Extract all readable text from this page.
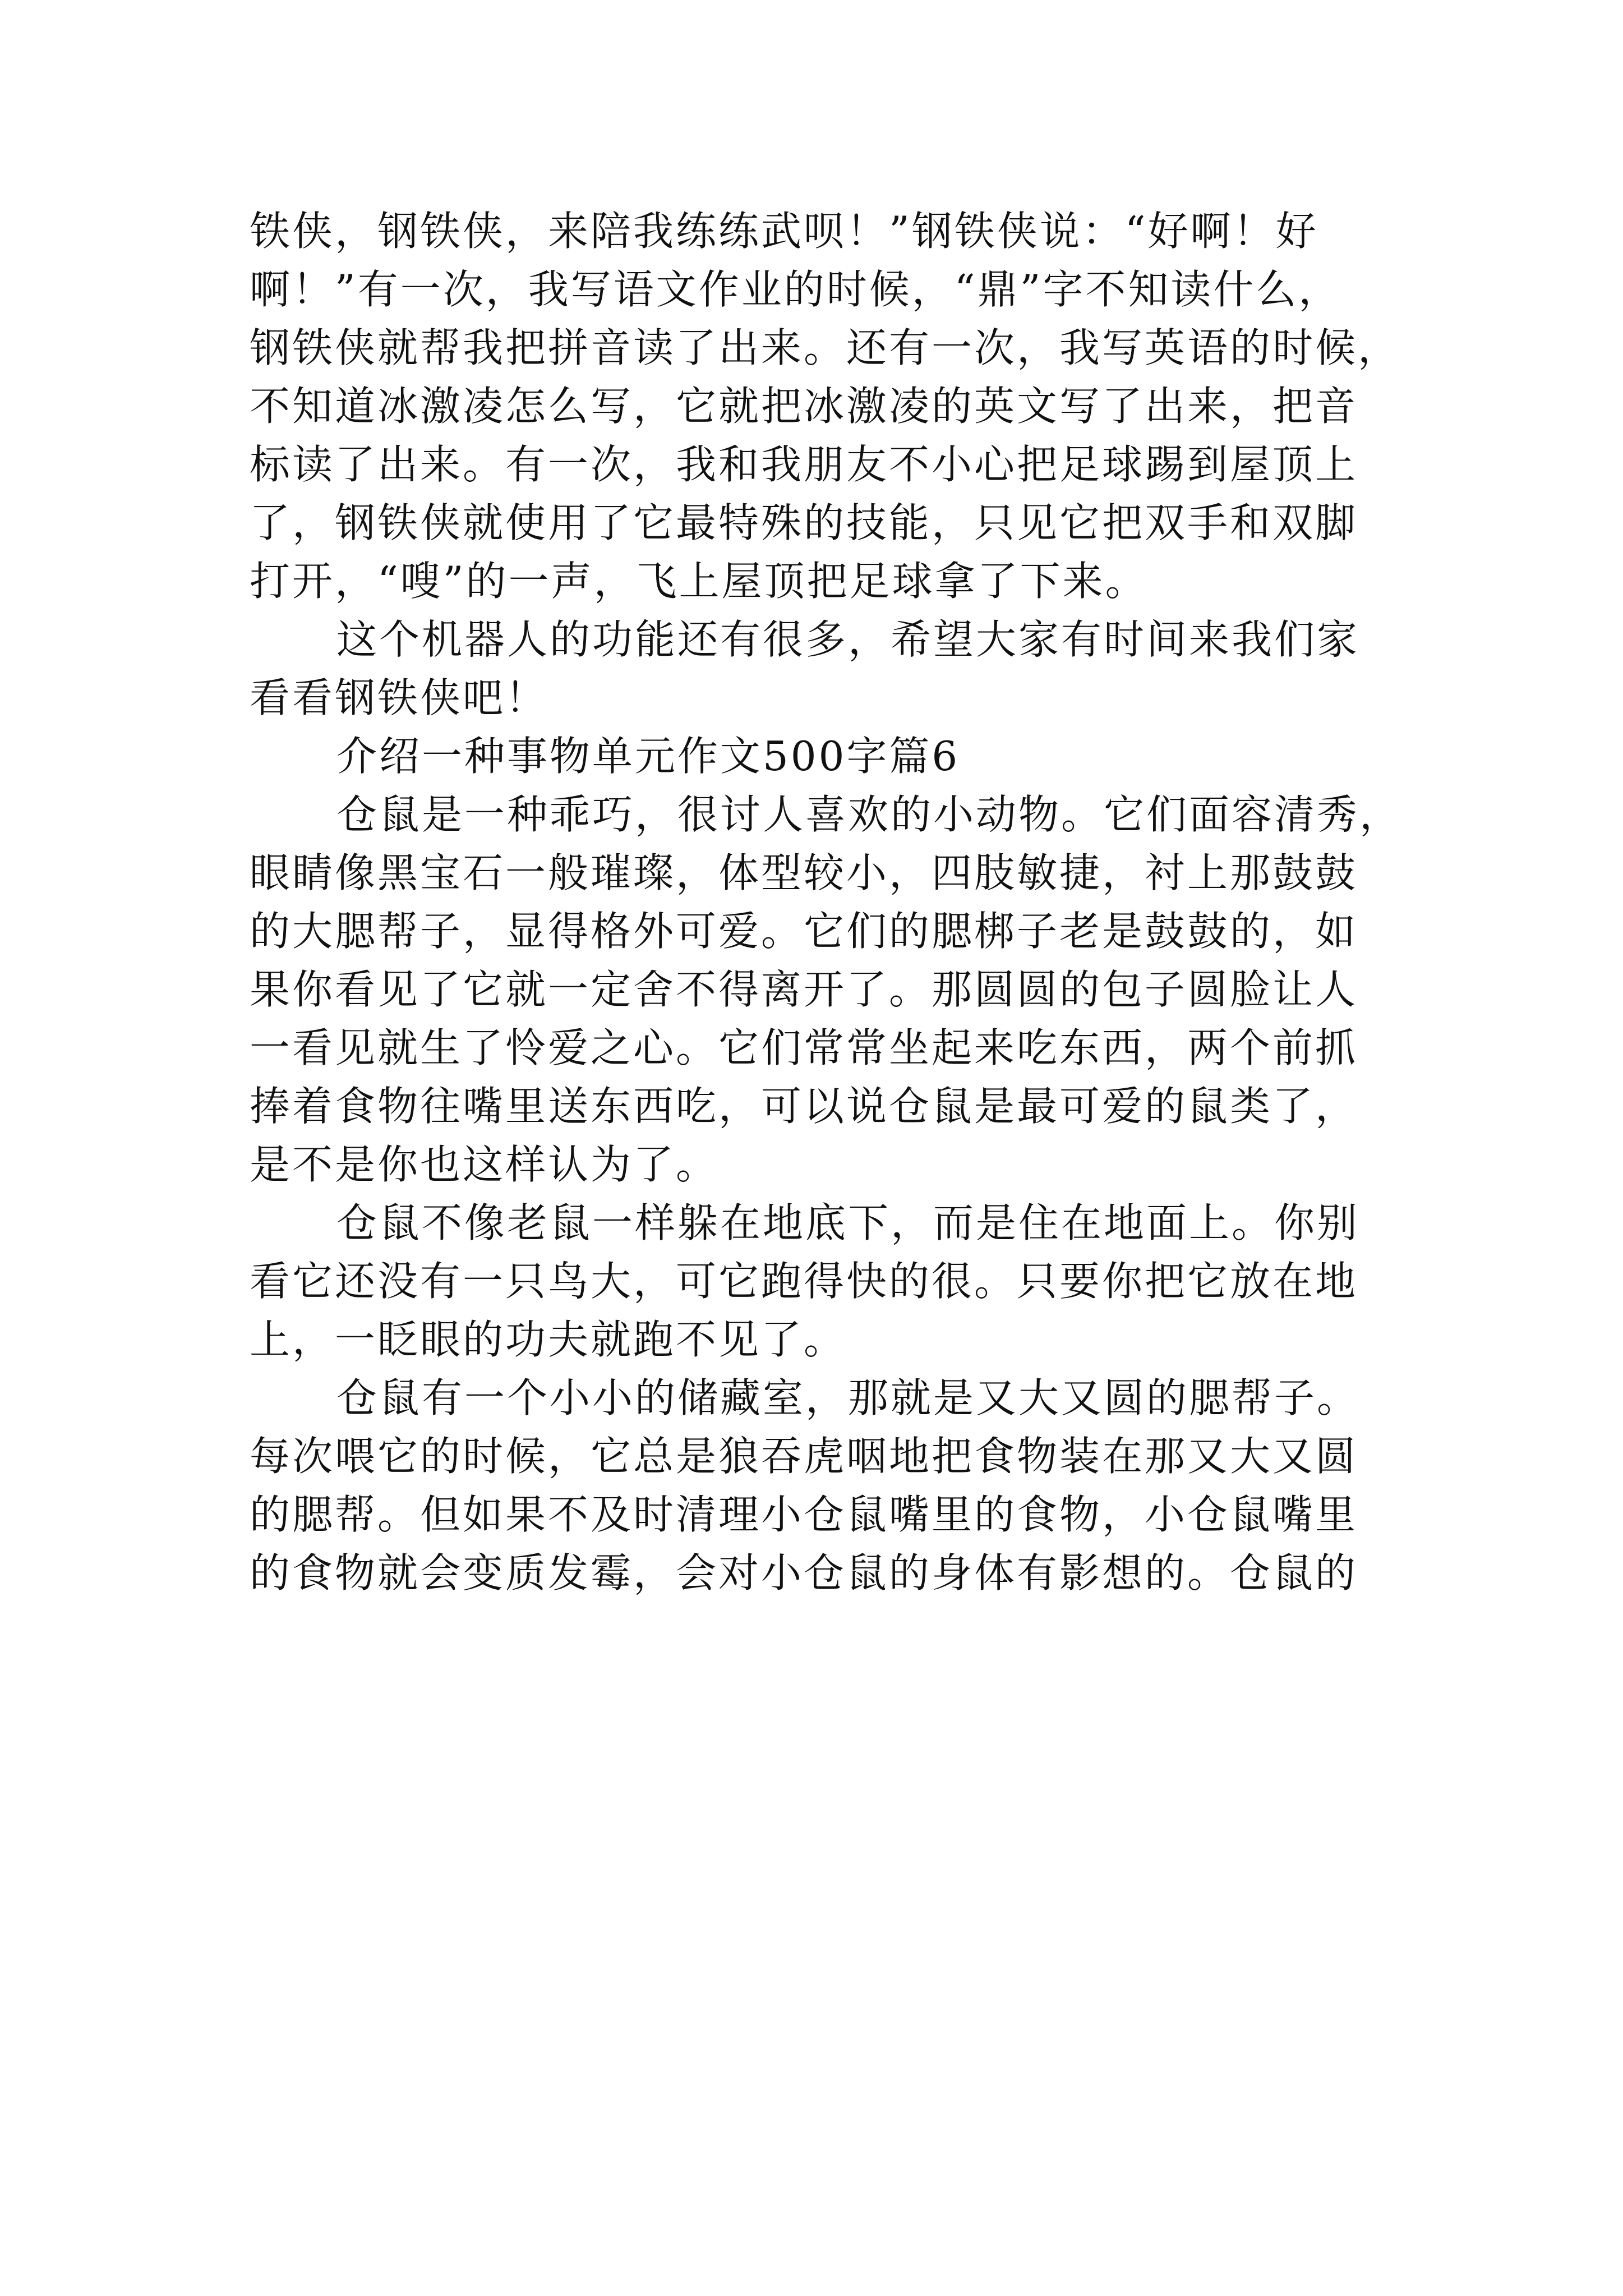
铁侠，钢铁侠，来陪我练练武呗！”钢铁侠说：“好啊！好
啊！”有一次，我写语文作业的时候，“鼎”字不知读什么，
钢铁侠就帮我把拼音读了出来。还有一次，我写英语的时候，
不知道冰激凌怎么写，它就把冰激凌的英文写了出来，把音
标读了出来。有一次，我和我朋友不小心把足球踢到屋顶上
了，钢铁侠就使用了它最特殊的技能，只见它把双手和双脚
打开，“嗖”的一声，飞上屋顶把足球拿了下来。
这个机器人的功能还有很多，希望大家有时间来我们家
看看钢铁侠吧！
介绍一种事物单元作文500字篇6
仓鼠是一种乖巧，很讨人喜欢的小动物。它们面容清秀，
眼睛像黑宝石一般璀璨，体型较小，四肢敏捷，衬上那鼓鼓
的大腮帮子，显得格外可爱。它们的腮梆子老是鼓鼓的，如
果你看见了它就一定舍不得离开了。那圆圆的包子圆脸让人
一看见就生了怜爱之心。它们常常坐起来吃东西，两个前抓
捧着食物往嘴里送东西吃，可以说仓鼠是最可爱的鼠类了，
是不是你也这样认为了。
仓鼠不像老鼠一样躲在地底下，而是住在地面上。你别
看它还没有一只鸟大，可它跑得快的很。只要你把它放在地
上，一眨眼的功夫就跑不见了。
仓鼠有一个小小的储藏室，那就是又大又圆的腮帮子。
每次喂它的时候，它总是狼吞虎咽地把食物装在那又大又圆
的腮帮。但如果不及时清理小仓鼠嘴里的食物，小仓鼠嘴里
的食物就会变质发霉，会对小仓鼠的身体有影想的。仓鼠的
